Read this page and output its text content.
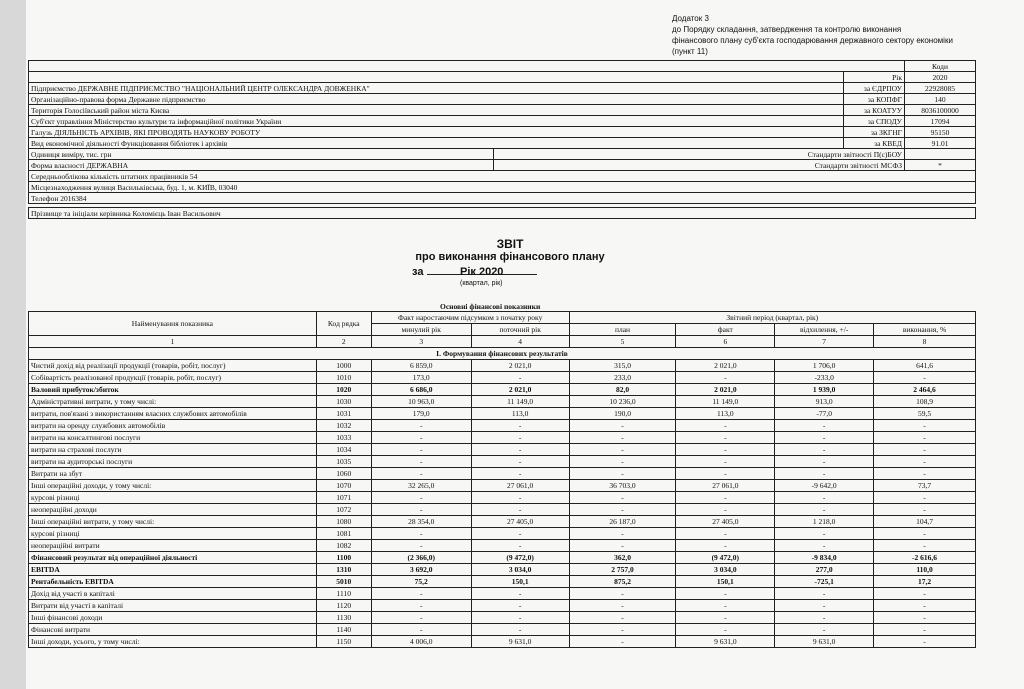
Додаток 3
до Порядку складання, затвердження та контролю виконання
фінансового плану суб'єкта господарювання державного сектору економіки
(пункт 11)
			Коди
		Рік	2020
Підприємство ДЕРЖАВНЕ ПІДПРИЄМСТВО "НАЦІОНАЛЬНИЙ ЦЕНТР ОЛЕКСАНДРА ДОВЖЕНКА"		за ЄДРПОУ	22928085
Організаційно-правова форма Державне підприємство		за КОПФГ	140
Територія Голосіївський район міста Києва		за КОАТУУ	8036100000
Суб'єкт управління Міністерство культури та інформаційної політики України		за СПОДУ	17094
Галузь ДІЯЛЬНІСТЬ АРХІВІВ, ЯКІ ПРОВОДЯТЬ НАУКОВУ РОБОТУ		за ЗКГНГ	95150
Вид економічної діяльності Функціювання бібліотек і архівів		за КВЕД	91.01
Одиниця виміру, тис. грн	Стандарти звітності П(с)БОУ		
Форма власності ДЕРЖАВНА	Стандарти звітності МСФЗ		*
Середньооблікова кількість штатних працівників 54			
Місцезнаходження вулиця Васильківська, буд. 1, м. КИЇВ, 03040			
Телефон 2016384			

Прізвище та ініціали керівника Коломієць Іван Васильович			
ЗВІТ
про виконання фінансового плану
за	Рік 2020
(квартал, рік)
Основні фінансові показники
Найменування показника	Код рядка	Факт наростаючим підсумком з початку року		Звітний період (квартал, рік)			
		минулий рік	поточний рік	план	факт	відхилення, +/-	виконання, %
1	2	3	4	5	6	7	8
І. Формування фінансових результатів							
Чистий дохід від реалізації продукції (товарів, робіт, послуг)	1000	6 859,0	2 021,0	315,0	2 021,0	1 706,0	641,6
Собівартість реалізованої продукції (товарів, робіт, послуг)	1010	173,0	-	233,0	-	-233,0	-
Валовий прибуток/збиток	1020	6 686,0	2 021,0	82,0	2 021,0	1 939,0	2 464,6
Адміністративні витрати, у тому числі:	1030	10 963,0	11 149,0	10 236,0	11 149,0	913,0	108,9
витрати, пов'язані з використанням власних службових автомобілів	1031	179,0	113,0	190,0	113,0	-77,0	59,5
витрати на оренду службових автомобілів	1032	-	-	-	-	-	-
витрати на консалтингові послуги	1033	-	-	-	-	-	-
витрати на страхові послуги	1034	-	-	-	-	-	-
витрати на аудиторські послуги	1035	-	-	-	-	-	-
Витрати на збут	1060	-	-	-	-	-	-
Інші операційні доходи, у тому числі:	1070	32 265,0	27 061,0	36 703,0	27 061,0	-9 642,0	73,7
курсові різниці	1071	-	-	-	-	-	-
неопераційні доходи	1072	-	-	-	-	-	-
Інші операційні витрати, у тому числі:	1080	28 354,0	27 405,0	26 187,0	27 405,0	1 218,0	104,7
курсові різниці	1081	-	-	-	-	-	-
неопераційні витрати	1082	-	-	-	-	-	-
Фінансовий результат від операційної діяльності	1100	(2 366,0)	(9 472,0)	362,0	(9 472,0)	-9 834,0	-2 616,6
EBITDA	1310	3 692,0	3 034,0	2 757,0	3 034,0	277,0	110,0
Рентабельність EBITDA	5010	75,2	150,1	875,2	150,1	-725,1	17,2
Дохід від участі в капіталі	1110	-	-	-	-	-	-
Витрати від участі в капіталі	1120	-	-	-	-	-	-
Інші фінансові доходи	1130	-	-	-	-	-	-
Фінансові витрати	1140	-	-	-	-	-	-
Інші доходи, усього, у тому числі:	1150	4 006,0	9 631,0	-	9 631,0	9 631,0	-
